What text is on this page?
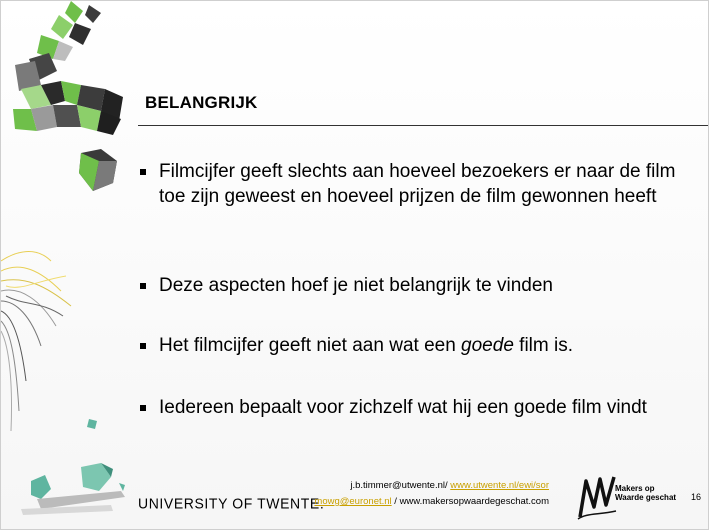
BELANGRIJK
Filmcijfer geeft slechts aan hoeveel bezoekers er naar de film toe zijn geweest en hoeveel prijzen de film gewonnen heeft
Deze aspecten hoef je niet belangrijk te vinden
Het filmcijfer geeft niet aan wat een goede film is.
Iedereen bepaalt voor zichzelf wat hij een goede film vindt
UNIVERSITY OF TWENTE.
j.b.timmer@utwente.nl/ www.utwente.nl/ewi/sor
mowg@euronet.nl / www.makersopwaardegeschat.com
Makers op
Waarde geschat 16
